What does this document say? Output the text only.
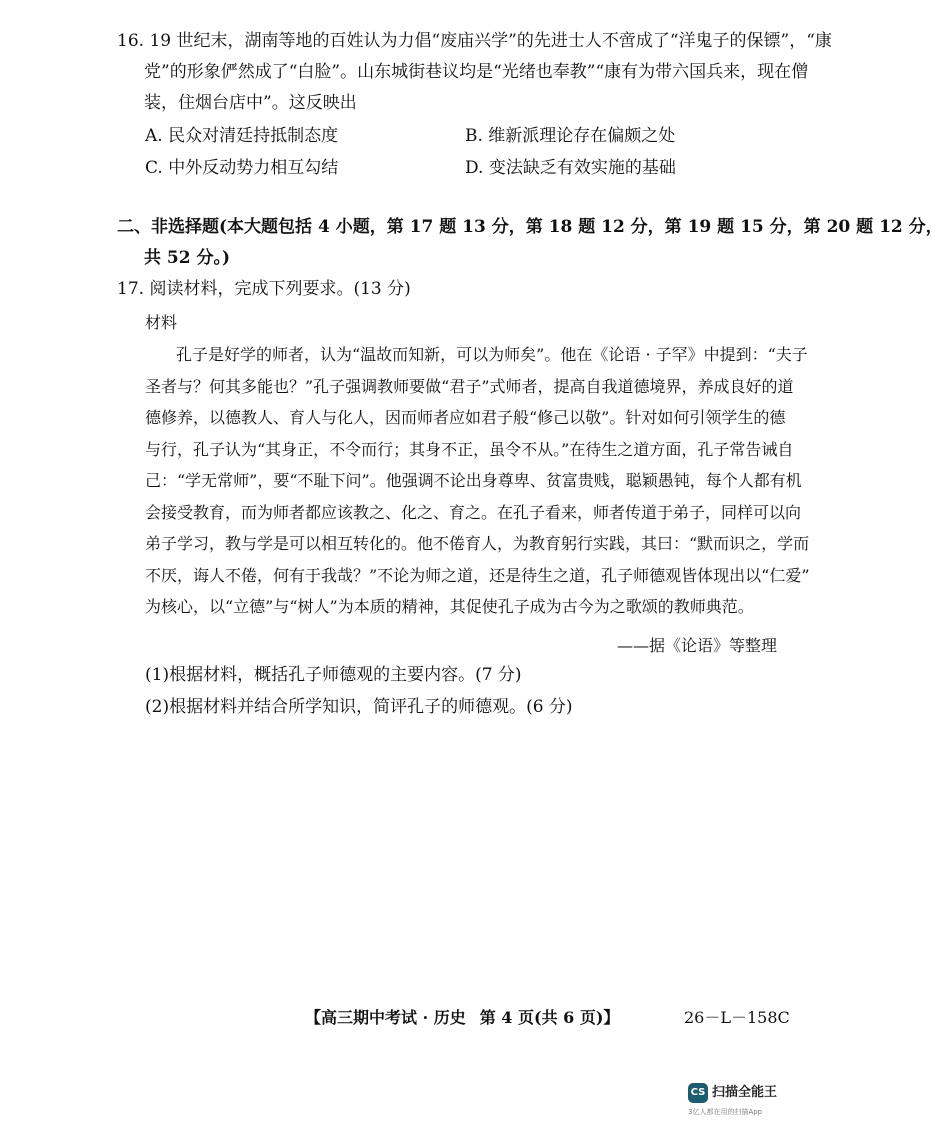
16. 19 世纪末，湖南等地的百姓认为力倡“废庙兴学”的先进士人不啻成了“洋鬼子的保镖”，“康
党”的形象俨然成了“白脸”。山东城街巷议均是“光绪也奉教”“康有为带六国兵来，现在僧
装，住烟台店中”。这反映出
A. 民众对清廷持抵制态度	B. 维新派理论存在偏颇之处
C. 中外反动势力相互勾结	D. 变法缺乏有效实施的基础
二、非选择题(本大题包括 4 小题，第 17 题 13 分，第 18 题 12 分，第 19 题 15 分，第 20 题 12 分，
共 52 分。)
17. 阅读材料，完成下列要求。(13 分)
材料
孔子是好学的师者，认为“温故而知新，可以为师矣”。他在《论语 · 子罕》中提到：“夫子
圣者与？何其多能也？”孔子强调教师要做“君子”式师者，提高自我道德境界，养成良好的道
德修养，以德教人、育人与化人，因而师者应如君子般“修己以敬”。针对如何引领学生的德
与行，孔子认为“其身正，不令而行；其身不正，虽令不从。”在待生之道方面，孔子常告诫自
己：“学无常师”，要“不耻下问”。他强调不论出身尊卑、贫富贵贱，聪颖愚钝，每个人都有机
会接受教育，而为师者都应该教之、化之、育之。在孔子看来，师者传道于弟子，同样可以向
弟子学习，教与学是可以相互转化的。他不倦育人，为教育躬行实践，其曰：“默而识之，学而
不厌，诲人不倦，何有于我哉？”不论为师之道，还是待生之道，孔子师德观皆体现出以“仁爱”
为核心，以“立德”与“树人”为本质的精神，其促使孔子成为古今为之歌颂的教师典范。
——据《论语》等整理
(1)根据材料，概括孔子师德观的主要内容。(7 分)
(2)根据材料并结合所学知识，简评孔子的师德观。(6 分)
【高三期中考试 · 历史 第 4 页(共 6 页)】	26－L－158C
CS 扫描全能王
3亿人都在用的扫描App
